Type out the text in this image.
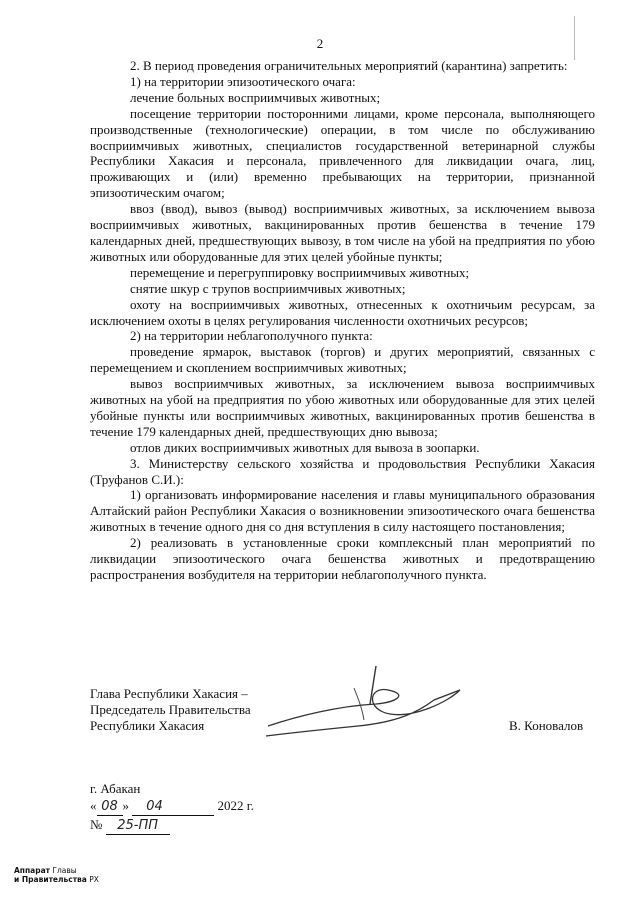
2

2. В период проведения ограничительных мероприятий (карантина) запретить:

1) на территории эпизоотического очага:

лечение больных восприимчивых животных;

посещение территории посторонними лицами, кроме персонала, выполняющего производственные (технологические) операции, в том числе по обслуживанию восприимчивых животных, специалистов государственной ветеринарной службы Республики Хакасия и персонала, привлеченного для ликвидации очага, лиц, проживающих и (или) временно пребывающих на территории, признанной эпизоотическим очагом;

ввоз (ввод), вывоз (вывод) восприимчивых животных, за исключением вывоза восприимчивых животных, вакцинированных против бешенства в течение 179 календарных дней, предшествующих вывозу, в том числе на убой на предприятия по убою животных или оборудованные для этих целей убойные пункты;

перемещение и перегруппировку восприимчивых животных;

снятие шкур с трупов восприимчивых животных;

охоту на восприимчивых животных, отнесенных к охотничьим ресурсам, за исключением охоты в целях регулирования численности охотничьих ресурсов;

2) на территории неблагополучного пункта:

проведение ярмарок, выставок (торгов) и других мероприятий, связанных с перемещением и скоплением восприимчивых животных;

вывоз восприимчивых животных, за исключением вывоза восприимчивых животных на убой на предприятия по убою животных или оборудованные для этих целей убойные пункты или восприимчивых животных, вакцинированных против бешенства в течение 179 календарных дней, предшествующих дню вывоза;

отлов диких восприимчивых животных для вывоза в зоопарки.

3. Министерству сельского хозяйства и продовольствия Республики Хакасия (Труфанов С.И.):

1) организовать информирование населения и главы муниципального образования Алтайский район Республики Хакасия о возникновении эпизоотического очага бешенства животных в течение одного дня со дня вступления в силу настоящего постановления;

2) реализовать в установленные сроки комплексный план мероприятий по ликвидации эпизоотического очага бешенства животных и предотвращению распространения возбудителя на территории неблагополучного пункта.

Глава Республики Хакасия –
Председатель Правительства
Республики Хакасия	В. Коновалов
г. Абакан
« 08 » 04	2022 г.
№ 25-ПП
Аппарат Главы
и Правительства РХ
